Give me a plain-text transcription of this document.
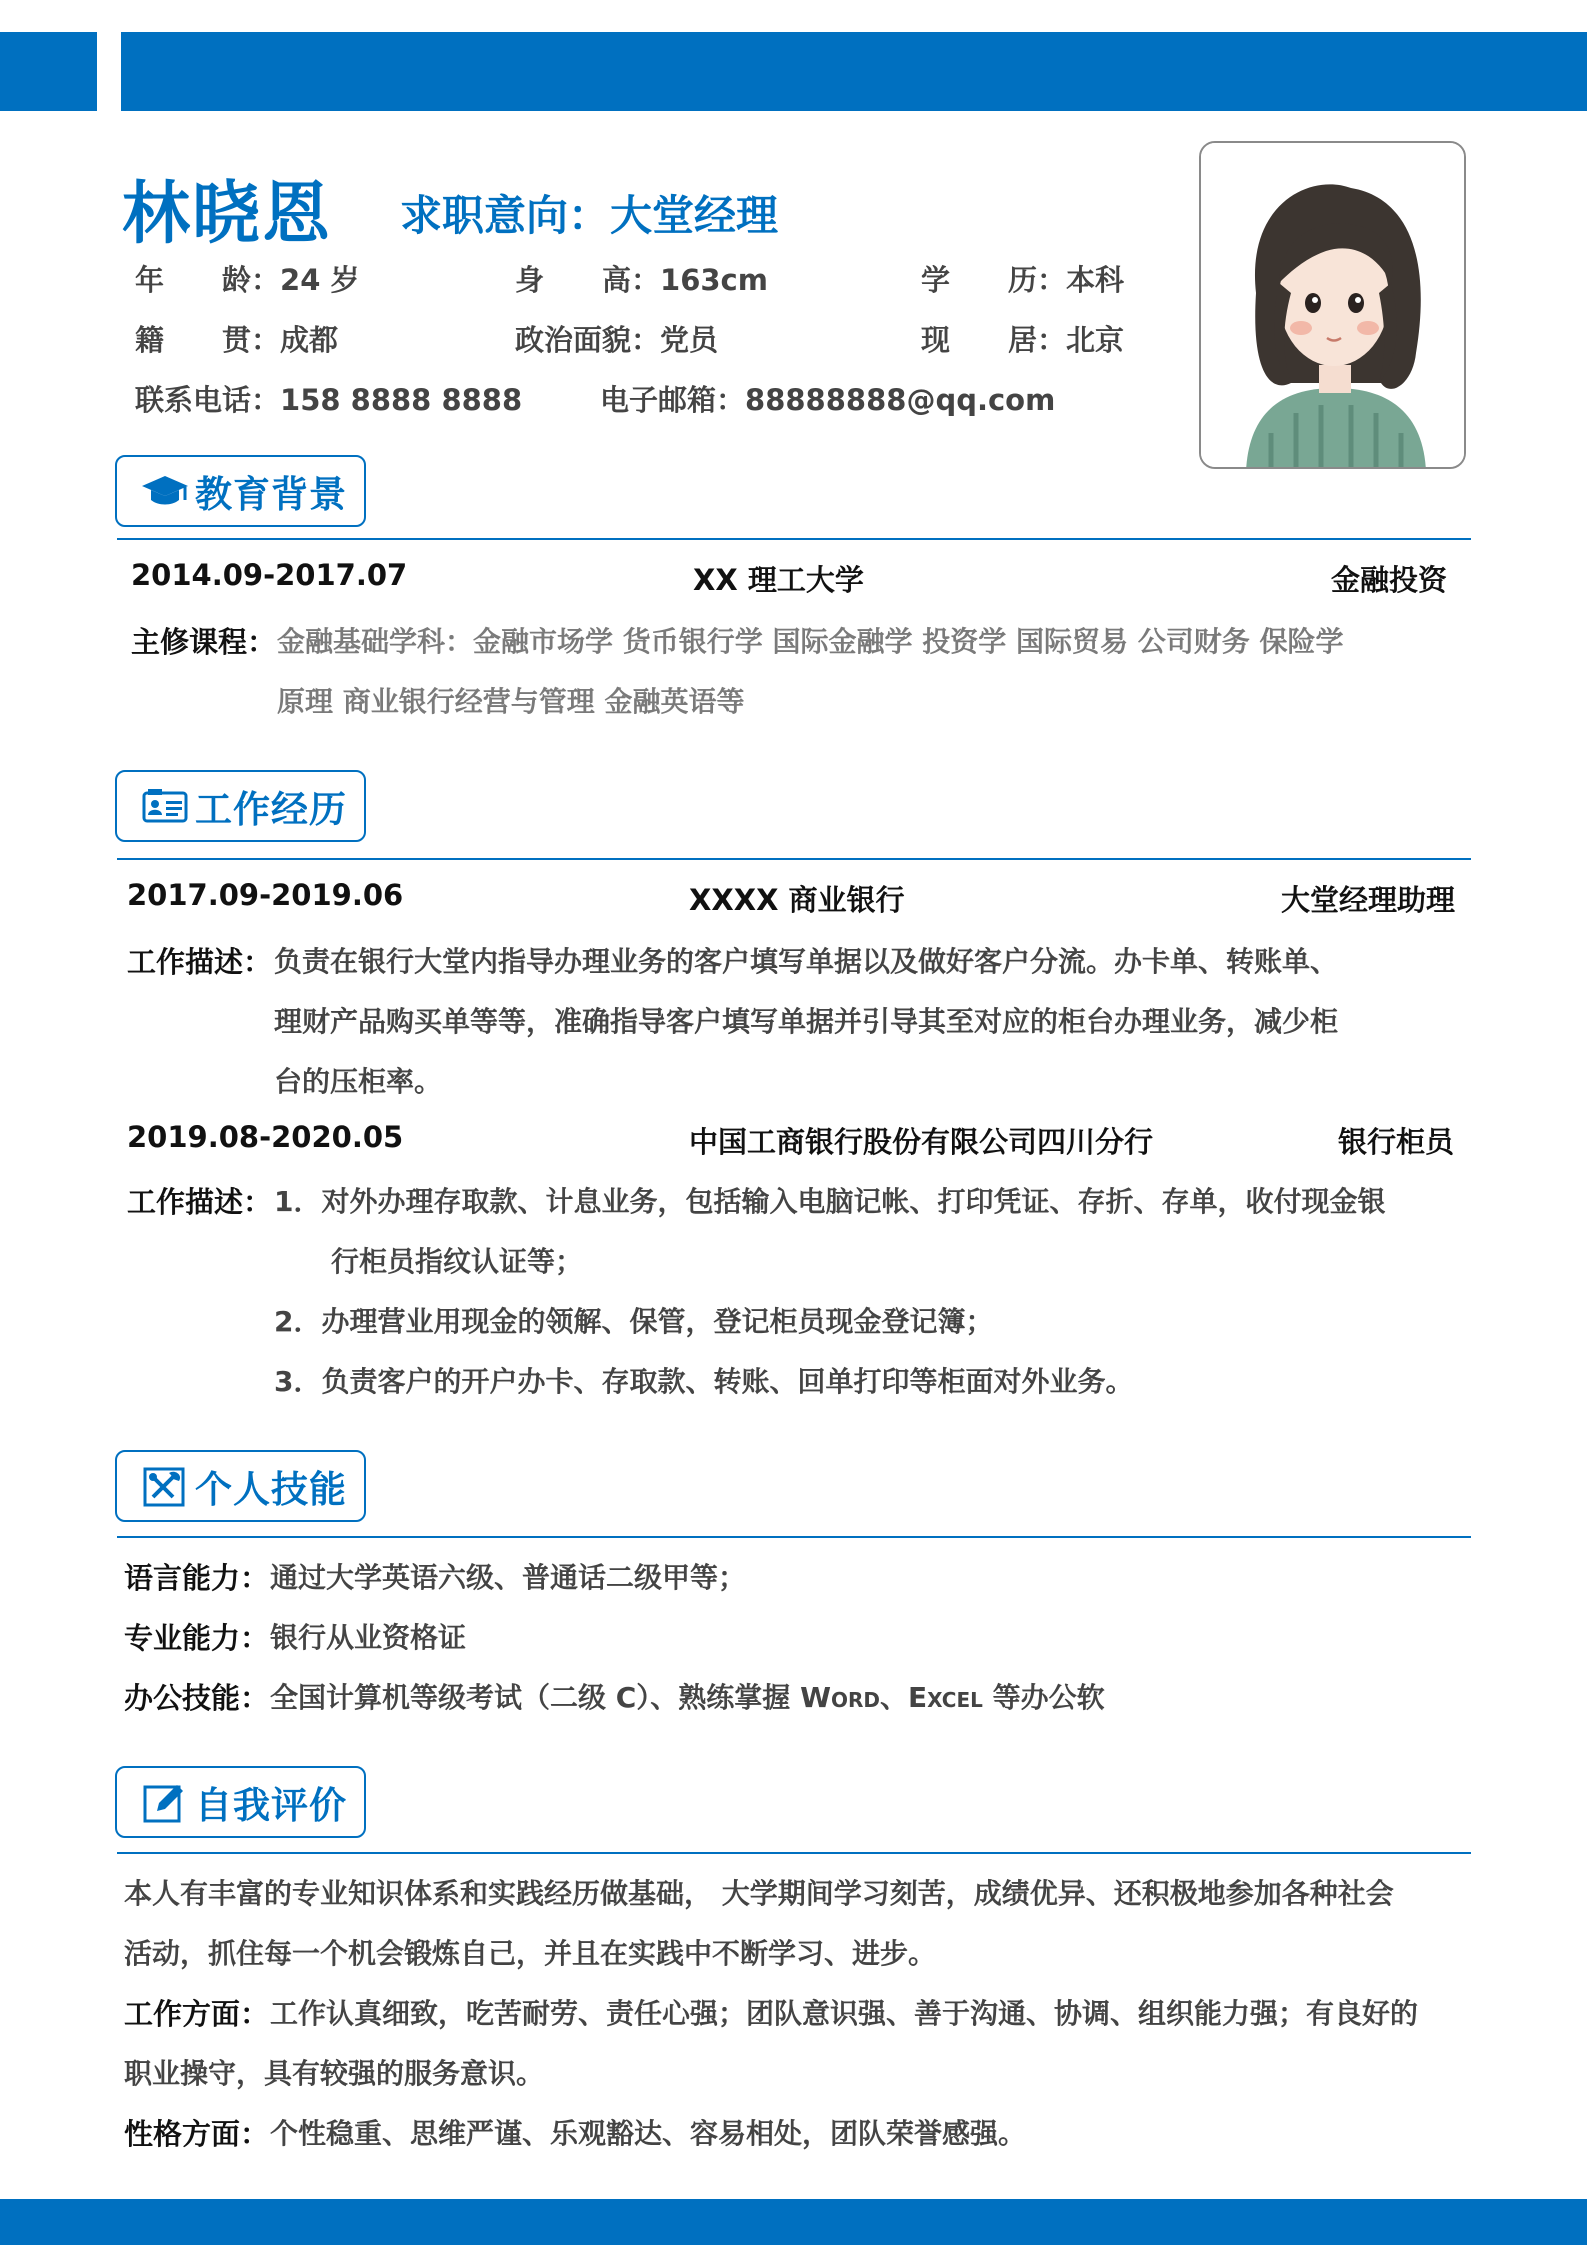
林晓恩 求职意向：大堂经理
年　　龄：24 岁	身　　高：163cm	学　　历：本科
籍　　贯：成都	政治面貌：党员	现　　居：北京
联系电话：158 8888 8888	电子邮箱：88888888@qq.com
教育背景
2014.09-2017.07	XX 理工大学	金融投资
主修课程： 金融基础学科：金融市场学 货币银行学 国际金融学 投资学 国际贸易 公司财务 保险学
原理 商业银行经营与管理 金融英语等
工作经历
2017.09-2019.06	XXXX 商业银行	大堂经理助理
工作描述： 负责在银行大堂内指导办理业务的客户填写单据以及做好客户分流。办卡单、转账单、
理财产品购买单等等，准确指导客户填写单据并引导其至对应的柜台办理业务，减少柜
台的压柜率。
2019.08-2020.05	中国工商银行股份有限公司四川分行	银行柜员
工作描述： 1．对外办理存取款、计息业务，包括输入电脑记帐、打印凭证、存折、存单，收付现金银
行柜员指纹认证等；
2．办理营业用现金的领解、保管，登记柜员现金登记簿；
3．负责客户的开户办卡、存取款、转账、回单打印等柜面对外业务。
个人技能
语言能力： 通过大学英语六级、普通话二级甲等；
专业能力： 银行从业资格证
办公技能： 全国计算机等级考试（二级 C）、熟练掌握 Word、Excel 等办公软
自我评价
本人有丰富的专业知识体系和实践经历做基础， 大学期间学习刻苦，成绩优异、还积极地参加各种社会
活动，抓住每一个机会锻炼自己，并且在实践中不断学习、进步。
工作方面： 工作认真细致，吃苦耐劳、责任心强；团队意识强、善于沟通、协调、组织能力强；有良好的
职业操守，具有较强的服务意识。
性格方面： 个性稳重、思维严谨、乐观豁达、容易相处，团队荣誉感强。
